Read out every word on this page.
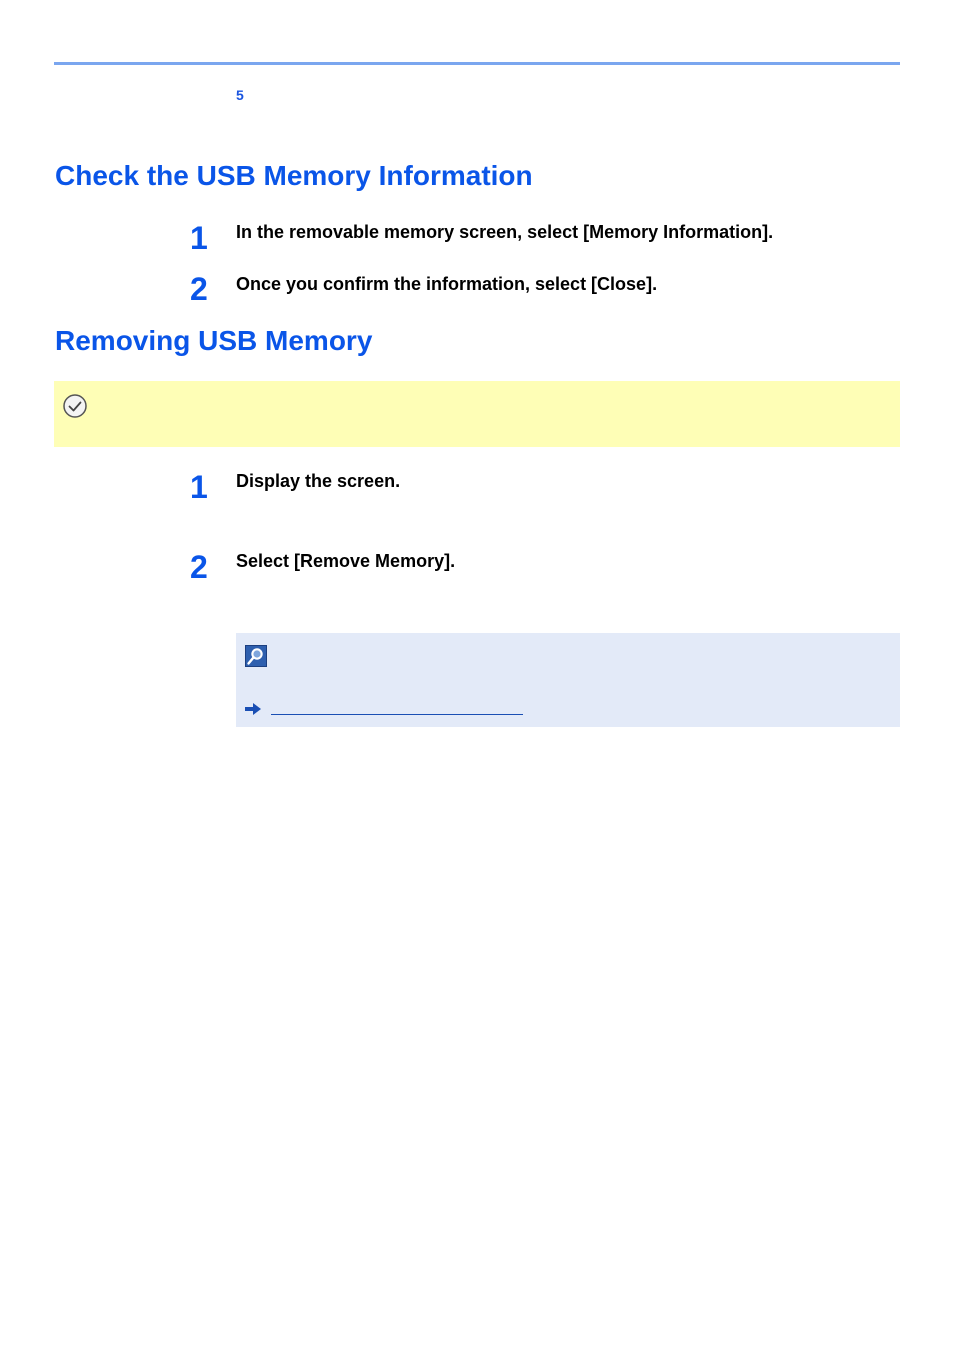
5
Check the USB Memory Information
1 In the removable memory screen, select [Memory Information].
2 Once you confirm the information, select [Close].
Removing USB Memory
1 Display the screen.
2 Select [Remove Memory].
